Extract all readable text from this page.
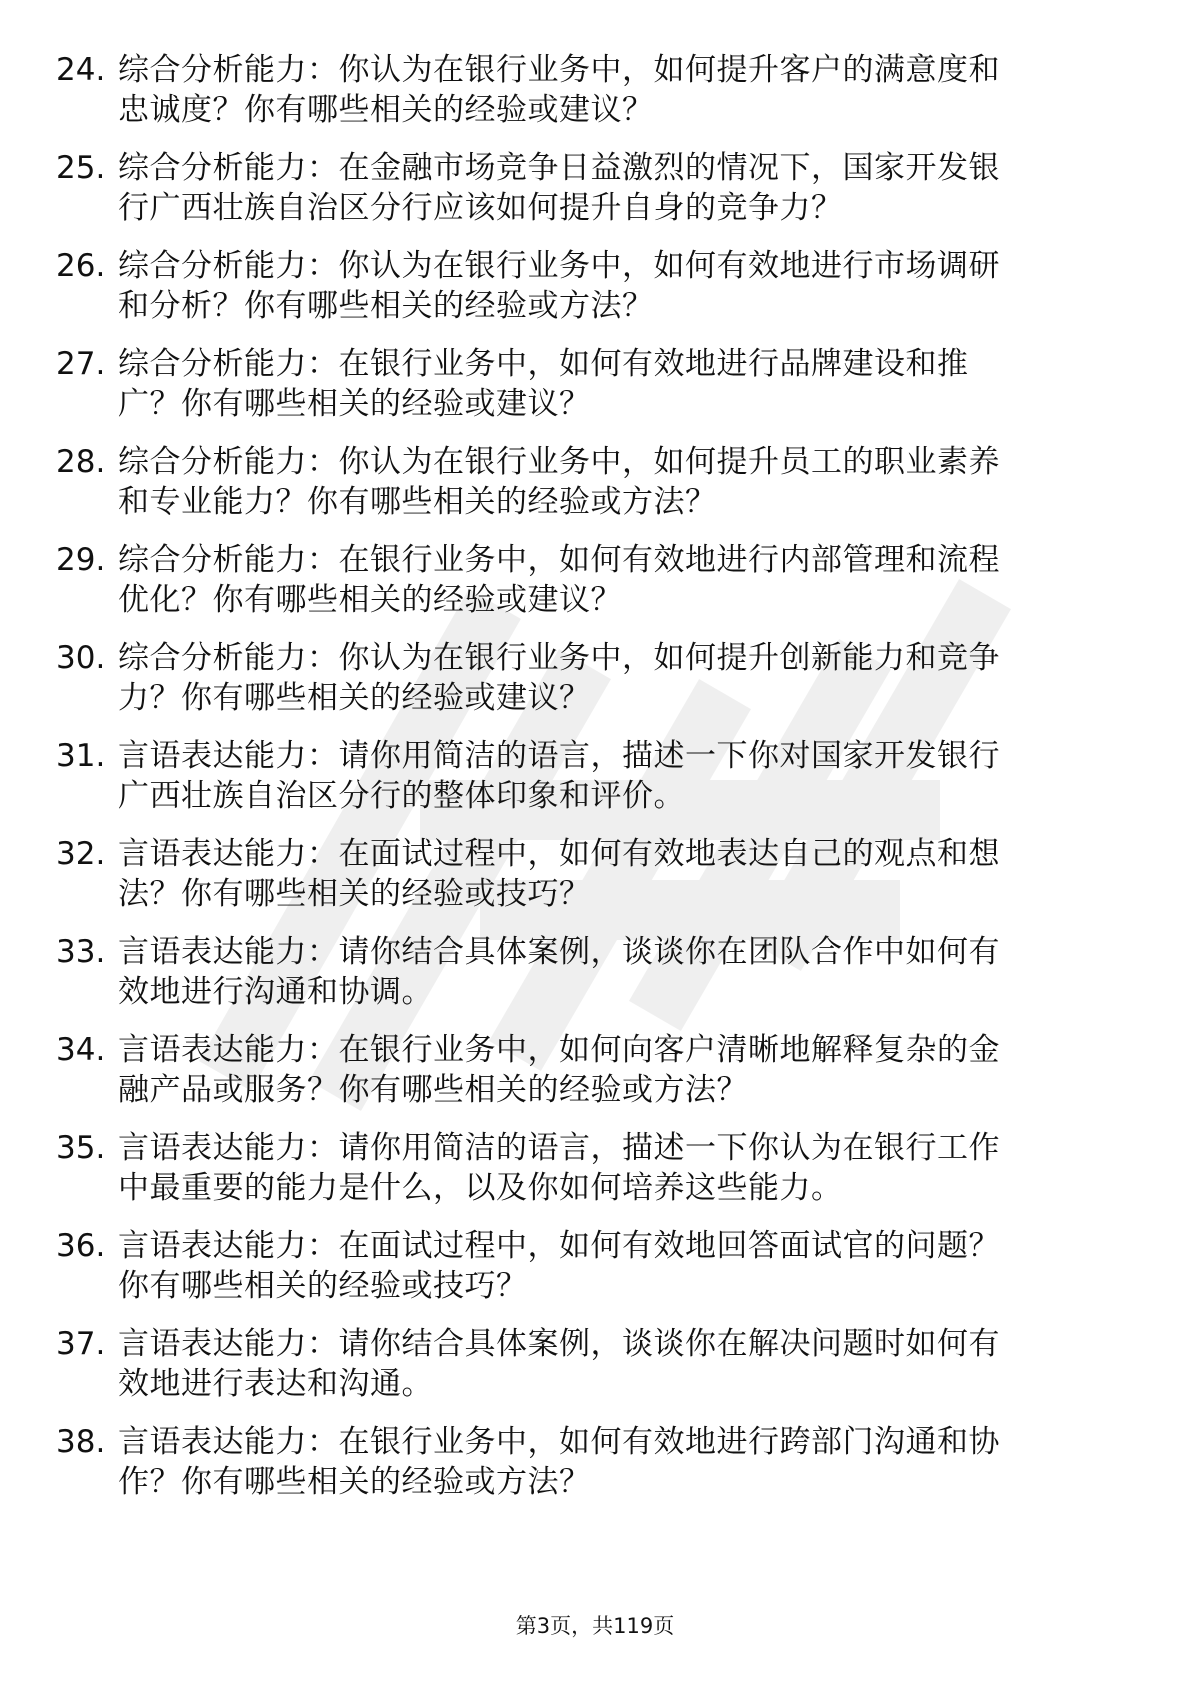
24. 综合分析能力：你认为在银行业务中，如何提升客户的满意度和
忠诚度？你有哪些相关的经验或建议？
25. 综合分析能力：在金融市场竞争日益激烈的情况下，国家开发银
行广西壮族自治区分行应该如何提升自身的竞争力？
26. 综合分析能力：你认为在银行业务中，如何有效地进行市场调研
和分析？你有哪些相关的经验或方法？
27. 综合分析能力：在银行业务中，如何有效地进行品牌建设和推
广？你有哪些相关的经验或建议？
28. 综合分析能力：你认为在银行业务中，如何提升员工的职业素养
和专业能力？你有哪些相关的经验或方法？
29. 综合分析能力：在银行业务中，如何有效地进行内部管理和流程
优化？你有哪些相关的经验或建议？
30. 综合分析能力：你认为在银行业务中，如何提升创新能力和竞争
力？你有哪些相关的经验或建议？
31. 言语表达能力：请你用简洁的语言，描述一下你对国家开发银行
广西壮族自治区分行的整体印象和评价。
32. 言语表达能力：在面试过程中，如何有效地表达自己的观点和想
法？你有哪些相关的经验或技巧？
33. 言语表达能力：请你结合具体案例，谈谈你在团队合作中如何有
效地进行沟通和协调。
34. 言语表达能力：在银行业务中，如何向客户清晰地解释复杂的金
融产品或服务？你有哪些相关的经验或方法？
35. 言语表达能力：请你用简洁的语言，描述一下你认为在银行工作
中最重要的能力是什么，以及你如何培养这些能力。
36. 言语表达能力：在面试过程中，如何有效地回答面试官的问题？
你有哪些相关的经验或技巧？
37. 言语表达能力：请你结合具体案例，谈谈你在解决问题时如何有
效地进行表达和沟通。
38. 言语表达能力：在银行业务中，如何有效地进行跨部门沟通和协
作？你有哪些相关的经验或方法？
第3页，共119页
